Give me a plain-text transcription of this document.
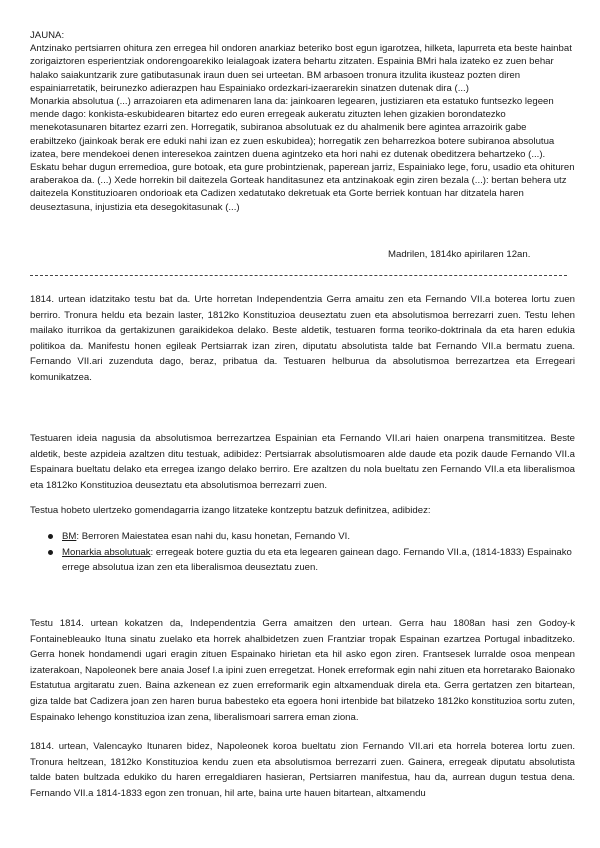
JAUNA:

Antzinako pertsiarren ohitura zen erregea hil ondoren anarkiaz beteriko bost egun igarotzea, hilketa, lapurreta eta beste hainbat zorigaiztoren esperientziak ondorengoarekiko leialagoak izatera behartu zitzaten. Espainia BMri hala izateko ez zuen behar halako saiakuntzarik zure gatibutasunak iraun duen sei urteetan. BM arbasoen tronura itzulita ikusteaz pozten diren espainiarretatik, beirunezko adierazpen hau Espainiako ordezkari-izaerarekin sinatzen dutenak dira (...)

Monarkia absolutua (...) arrazoiaren eta adimenaren lana da: jainkoaren legearen, justiziaren eta estatuko funtsezko legeen mende dago: konkista-eskubidearen bitartez edo euren erregeak aukeratu zituzten lehen gizakien borondatezko menekotasunaren bitartez ezarri zen. Horregatik, subiranoa absolutuak ez du ahalmenik bere agintea arrazoirik gabe erabiltzeko (jainkoak berak ere eduki nahi izan ez zuen eskubidea); horregatik zen beharrezkoa botere subiranoa absolutua izatea, bere mendekoei denen interesekoa zaintzen duena agintzeko eta hori nahi ez dutenak obeditzera behartzeko (...).

Eskatu behar dugun erremedioa, gure botoak, eta gure probintzienak, paperean jarriz, Espainiako lege, foru, usadio eta ohituren araberakoa da. (...) Xede horrekin bil daitezela Gorteak handitasunez eta antzinakoak egin ziren bezala (...): bertan behera utz daitezela Konstituzioaren ondorioak eta Cadizen xedatutako dekretuak eta Gorte berriek kontuan har ditzatela haren deuseztasuna, injustizia eta desegokitasunak (...)

Madrilen, 1814ko apirilaren 12an.

1814. urtean idatzitako testu bat da. Urte horretan Independentzia Gerra amaitu zen eta Fernando VII.a boterea lortu zuen berriro. Tronura heldu eta bezain laster, 1812ko Konstituzioa deuseztatu zuen eta absolutismoa berrezarri zuen. Testu lehen mailako iturrikoa da gertakizunen garaikidekoa delako. Beste aldetik, testuaren forma teoriko-doktrinala da eta haren edukia politikoa da. Manifestu honen egileak Pertsiarrak izan ziren, diputatu absolutista talde bat Fernando VII.a bermatu zuena. Fernando VII.ari zuzenduta dago, beraz, pribatua da. Testuaren helburua da absolutismoa berrezartzea eta Erregeari komunikatzea.

Testuaren ideia nagusia da absolutismoa berrezartzea Espainian eta Fernando VII.ari haien onarpena transmititzea. Beste aldetik, beste azpideia azaltzen ditu testuak, adibidez: Pertsiarrak absolutismoaren alde daude eta pozik daude Fernando VII.a Espainara bueltatu delako eta erregea izango delako berriro. Ere azaltzen du nola bueltatu zen Fernando VII.a eta liberalismoa eta 1812ko Konstituzioa deuseztatu eta absolutismoa berrezarri zuen.

Testua hobeto ulertzeko gomendagarria izango litzateke kontzeptu batzuk definitzea, adibidez:

BM: Berroren Maiestatea esan nahi du, kasu honetan, Fernando VI.
Monarkia absolutuak: erregeak botere guztia du eta eta legearen gainean dago. Fernando VII.a, (1814-1833) Espainako errege absolutua izan zen eta liberalismoa deuseztatu zuen.

Testu 1814. urtean kokatzen da, Independentzia Gerra amaitzen den urtean. Gerra hau 1808an hasi zen Godoy-k Fontainebleauko Ituna sinatu zuelako eta horrek ahalbidetzen zuen Frantziar tropak Espainan ezartzea Portugal inbaditzeko. Gerra honek hondamendi ugari eragin zituen Espainako hirietan eta hil asko egon ziren. Frantsesek lurralde osoa menpean izaterakoan, Napoleonek bere anaia Josef I.a ipini zuen erregetzat. Honek erreformak egin nahi zituen eta horretarako Baionako Estatutua argitaratu zuen. Baina azkenean ez zuen erreformarik egin altxamenduak direla eta. Gerra gertatzen zen bitartean, giza talde bat Cadizera joan zen haren burua babesteko eta egoera honi irtenbide bat bilatzeko 1812ko konstituzioa sortu zuten, Espainako lehengo konstituzioa izan zena, liberalismoari sarrera eman ziona.

1814. urtean, Valencayko Itunaren bidez, Napoleonek koroa bueltatu zion Fernando VII.ari eta horrela boterea lortu zuen. Tronura heltzean, 1812ko Konstituzioa kendu zuen eta absolutismoa berrezarri zuen. Gainera, erregeak diputatu absolutista talde baten bultzada edukiko du haren erregaldiaren hasieran, Pertsiarren manifestua, hau da, aurrean dugun testua dena. Fernando VII.a 1814-1833 egon zen tronuan, hil arte, baina urte hauen bitartean, altxamendu
